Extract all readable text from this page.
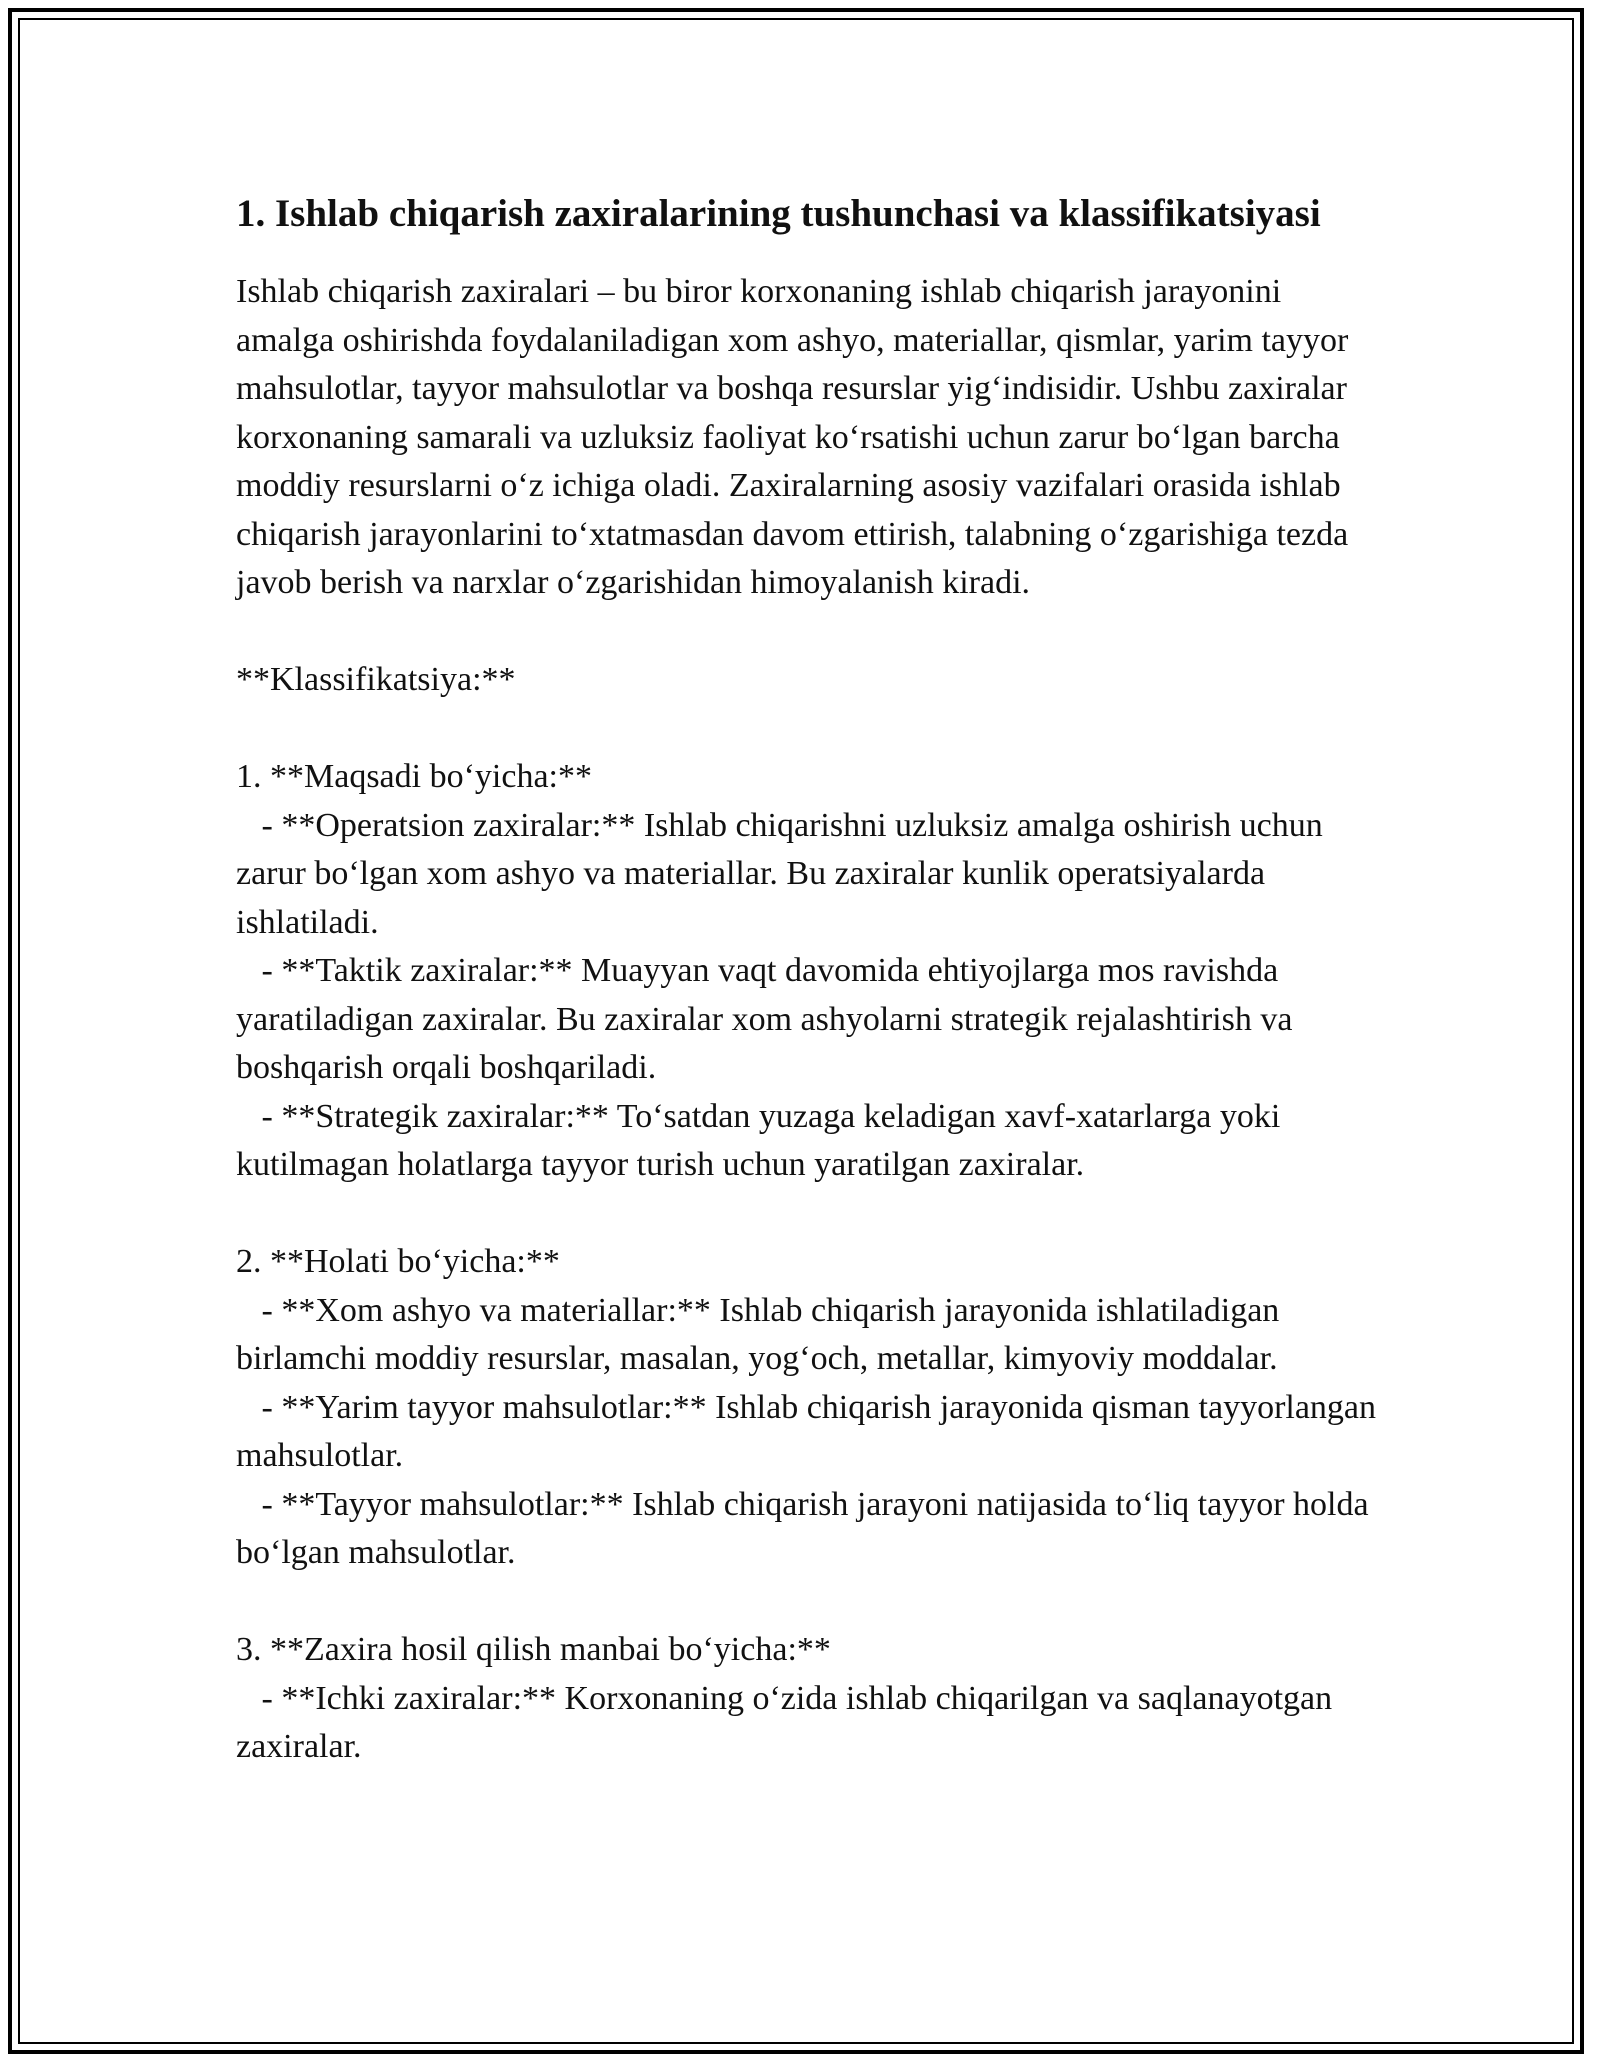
1. Ishlab chiqarish zaxiralarining tushunchasi va klassifikatsiyasi

Ishlab chiqarish zaxiralari – bu biror korxonaning ishlab chiqarish jarayonini amalga oshirishda foydalaniladigan xom ashyo, materiallar, qismlar, yarim tayyor mahsulotlar, tayyor mahsulotlar va boshqa resurslar yig‘indisidir. Ushbu zaxiralar korxonaning samarali va uzluksiz faoliyat ko‘rsatishi uchun zarur bo‘lgan barcha moddiy resurslarni o‘z ichiga oladi. Zaxiralarning asosiy vazifalari orasida ishlab chiqarish jarayonlarini to‘xtatmasdan davom ettirish, talabning o‘zgarishiga tezda javob berish va narxlar o‘zgarishidan himoyalanish kiradi.

**Klassifikatsiya:**

1. **Maqsadi bo‘yicha:**

- **Operatsion zaxiralar:** Ishlab chiqarishni uzluksiz amalga oshirish uchun zarur bo‘lgan xom ashyo va materiallar. Bu zaxiralar kunlik operatsiyalarda ishlatiladi.

- **Taktik zaxiralar:** Muayyan vaqt davomida ehtiyojlarga mos ravishda yaratiladigan zaxiralar. Bu zaxiralar xom ashyolarni strategik rejalashtirish va boshqarish orqali boshqariladi.

- **Strategik zaxiralar:** To‘satdan yuzaga keladigan xavf-xatarlarga yoki kutilmagan holatlarga tayyor turish uchun yaratilgan zaxiralar.

2. **Holati bo‘yicha:**

- **Xom ashyo va materiallar:** Ishlab chiqarish jarayonida ishlatiladigan birlamchi moddiy resurslar, masalan, yog‘och, metallar, kimyoviy moddalar.

- **Yarim tayyor mahsulotlar:** Ishlab chiqarish jarayonida qisman tayyorlangan mahsulotlar.

- **Tayyor mahsulotlar:** Ishlab chiqarish jarayoni natijasida to‘liq tayyor holda bo‘lgan mahsulotlar.

3. **Zaxira hosil qilish manbai bo‘yicha:**

- **Ichki zaxiralar:** Korxonaning o‘zida ishlab chiqarilgan va saqlanayotgan zaxiralar.
